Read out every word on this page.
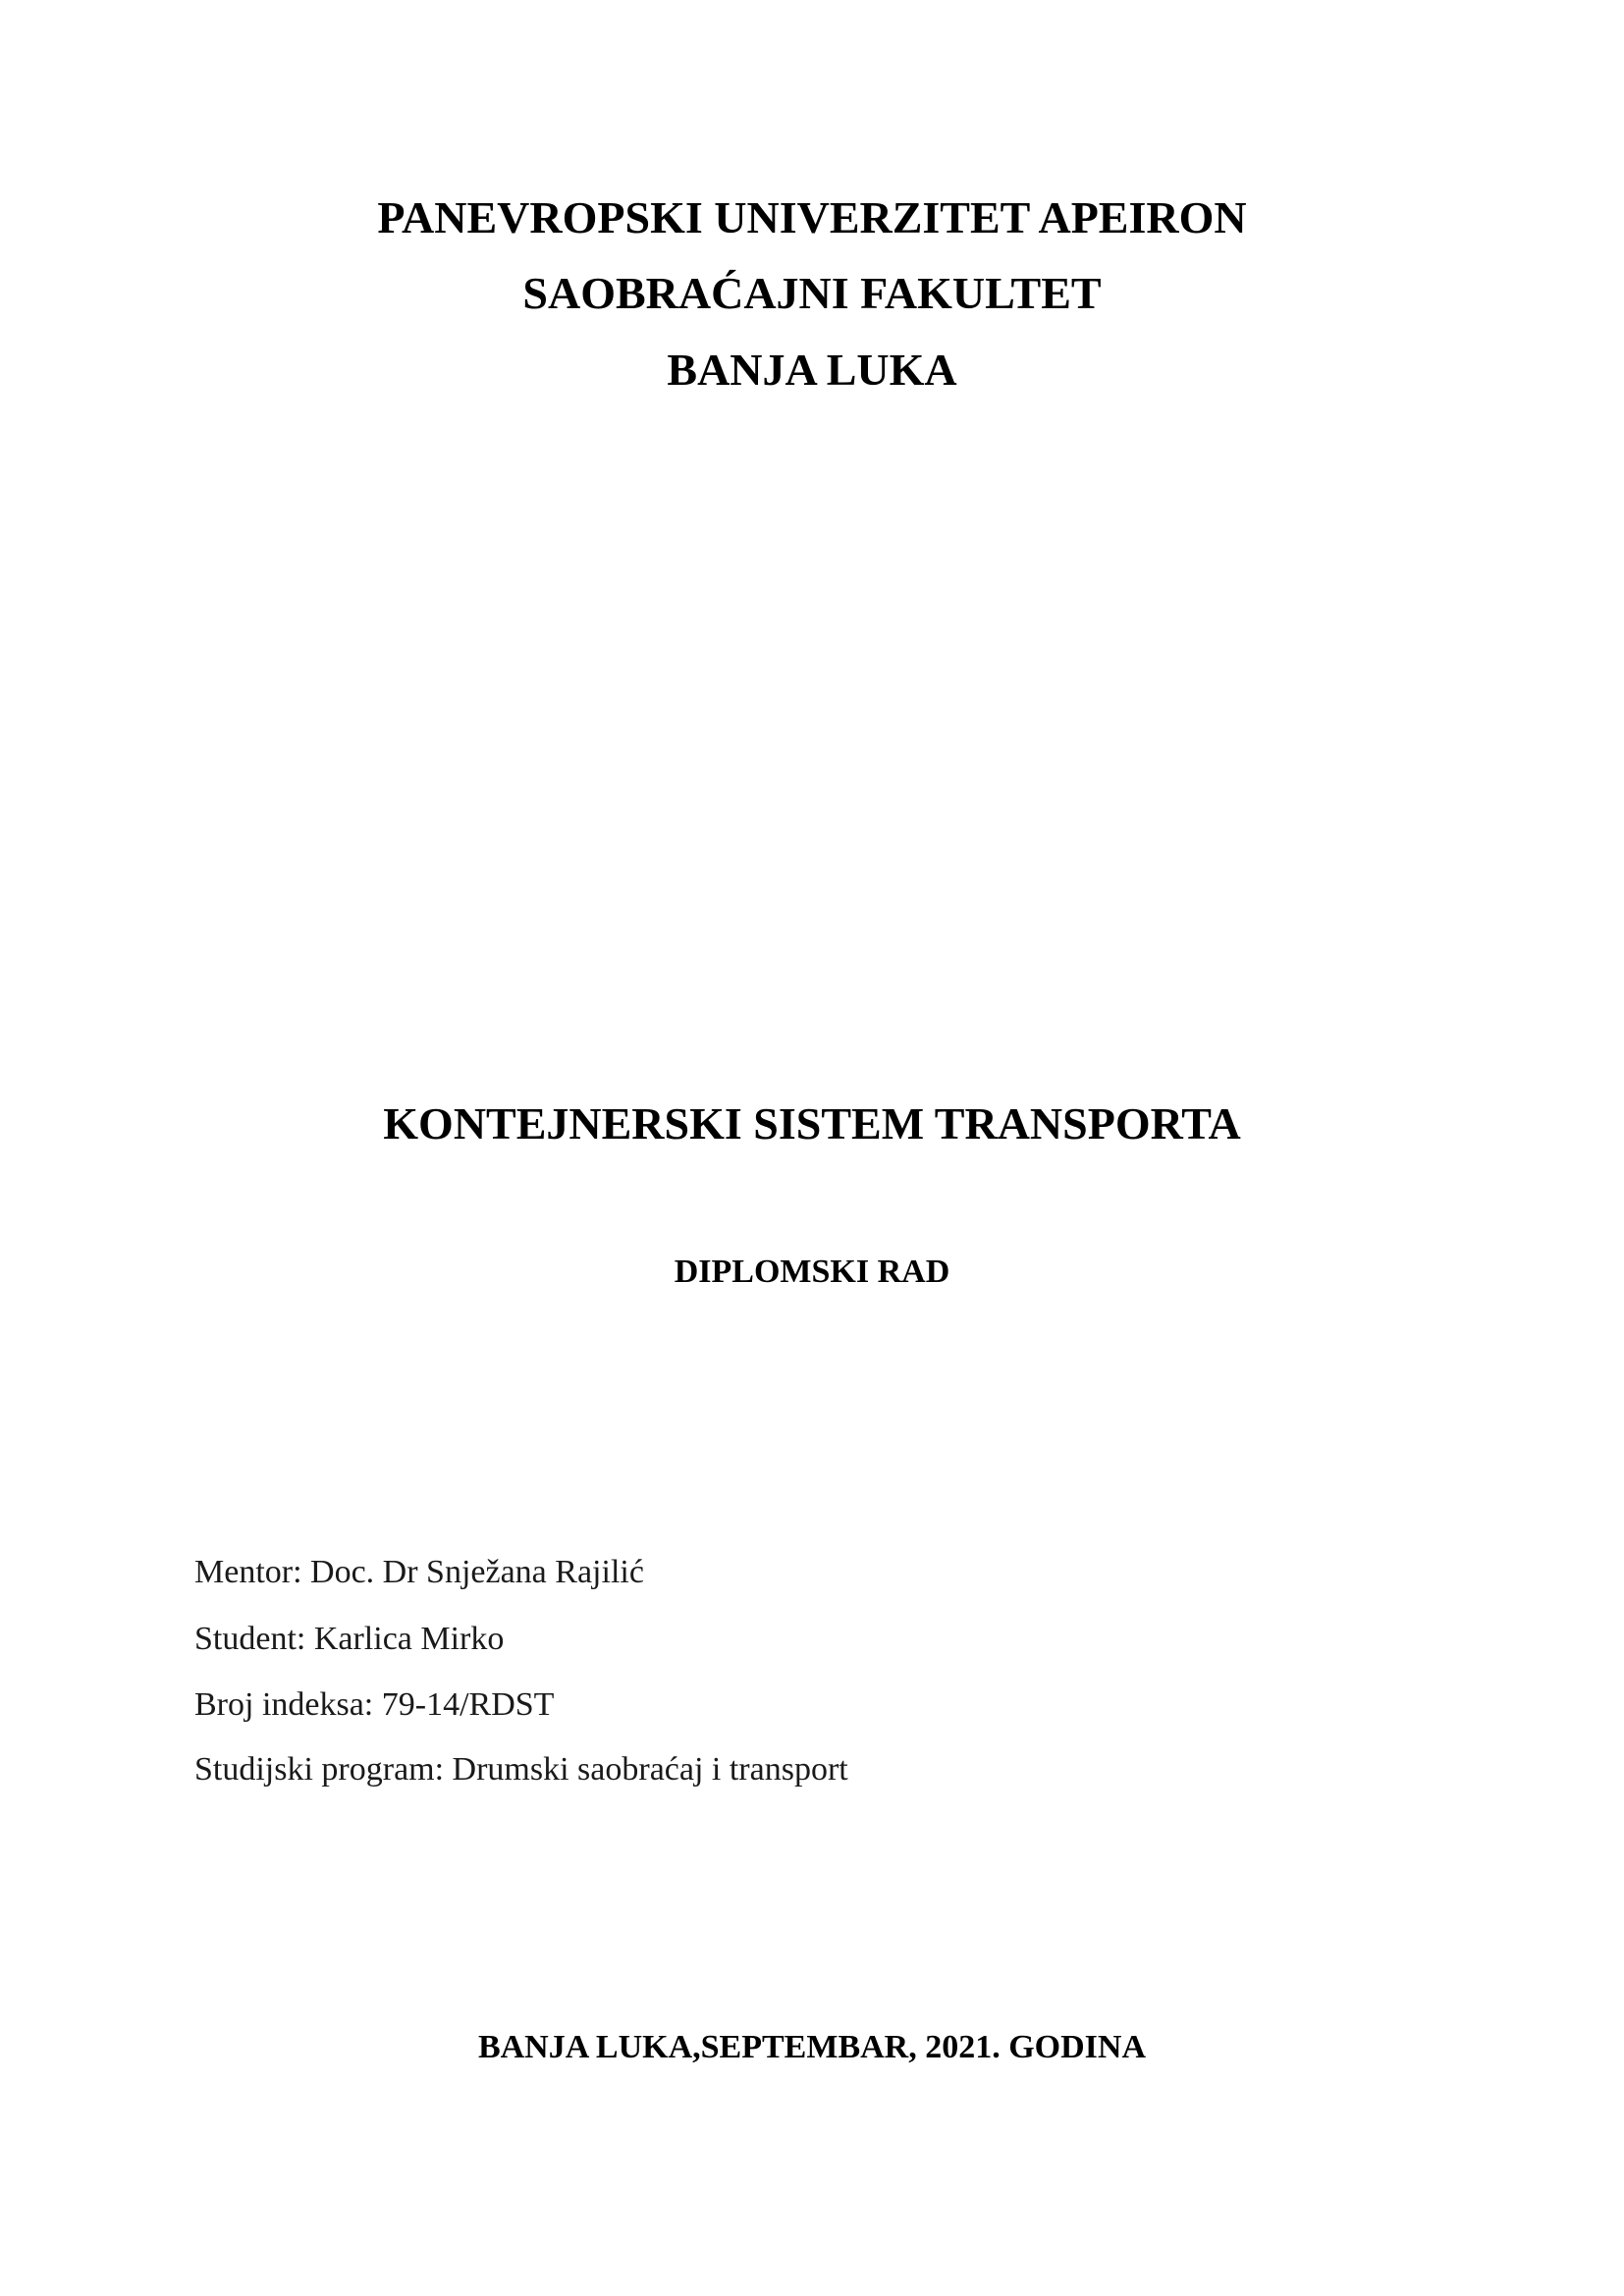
PANEVROPSKI UNIVERZITET APEIRON
SAOBRAĆAJNI FAKULTET
BANJA LUKA
KONTEJNERSKI SISTEM TRANSPORTA
DIPLOMSKI RAD
Mentor: Doc. Dr Snježana Rajilić
Student: Karlica Mirko
Broj indeksa: 79-14/RDST
Studijski program: Drumski saobraćaj i transport
BANJA LUKA,SEPTEMBAR, 2021. GODINA
